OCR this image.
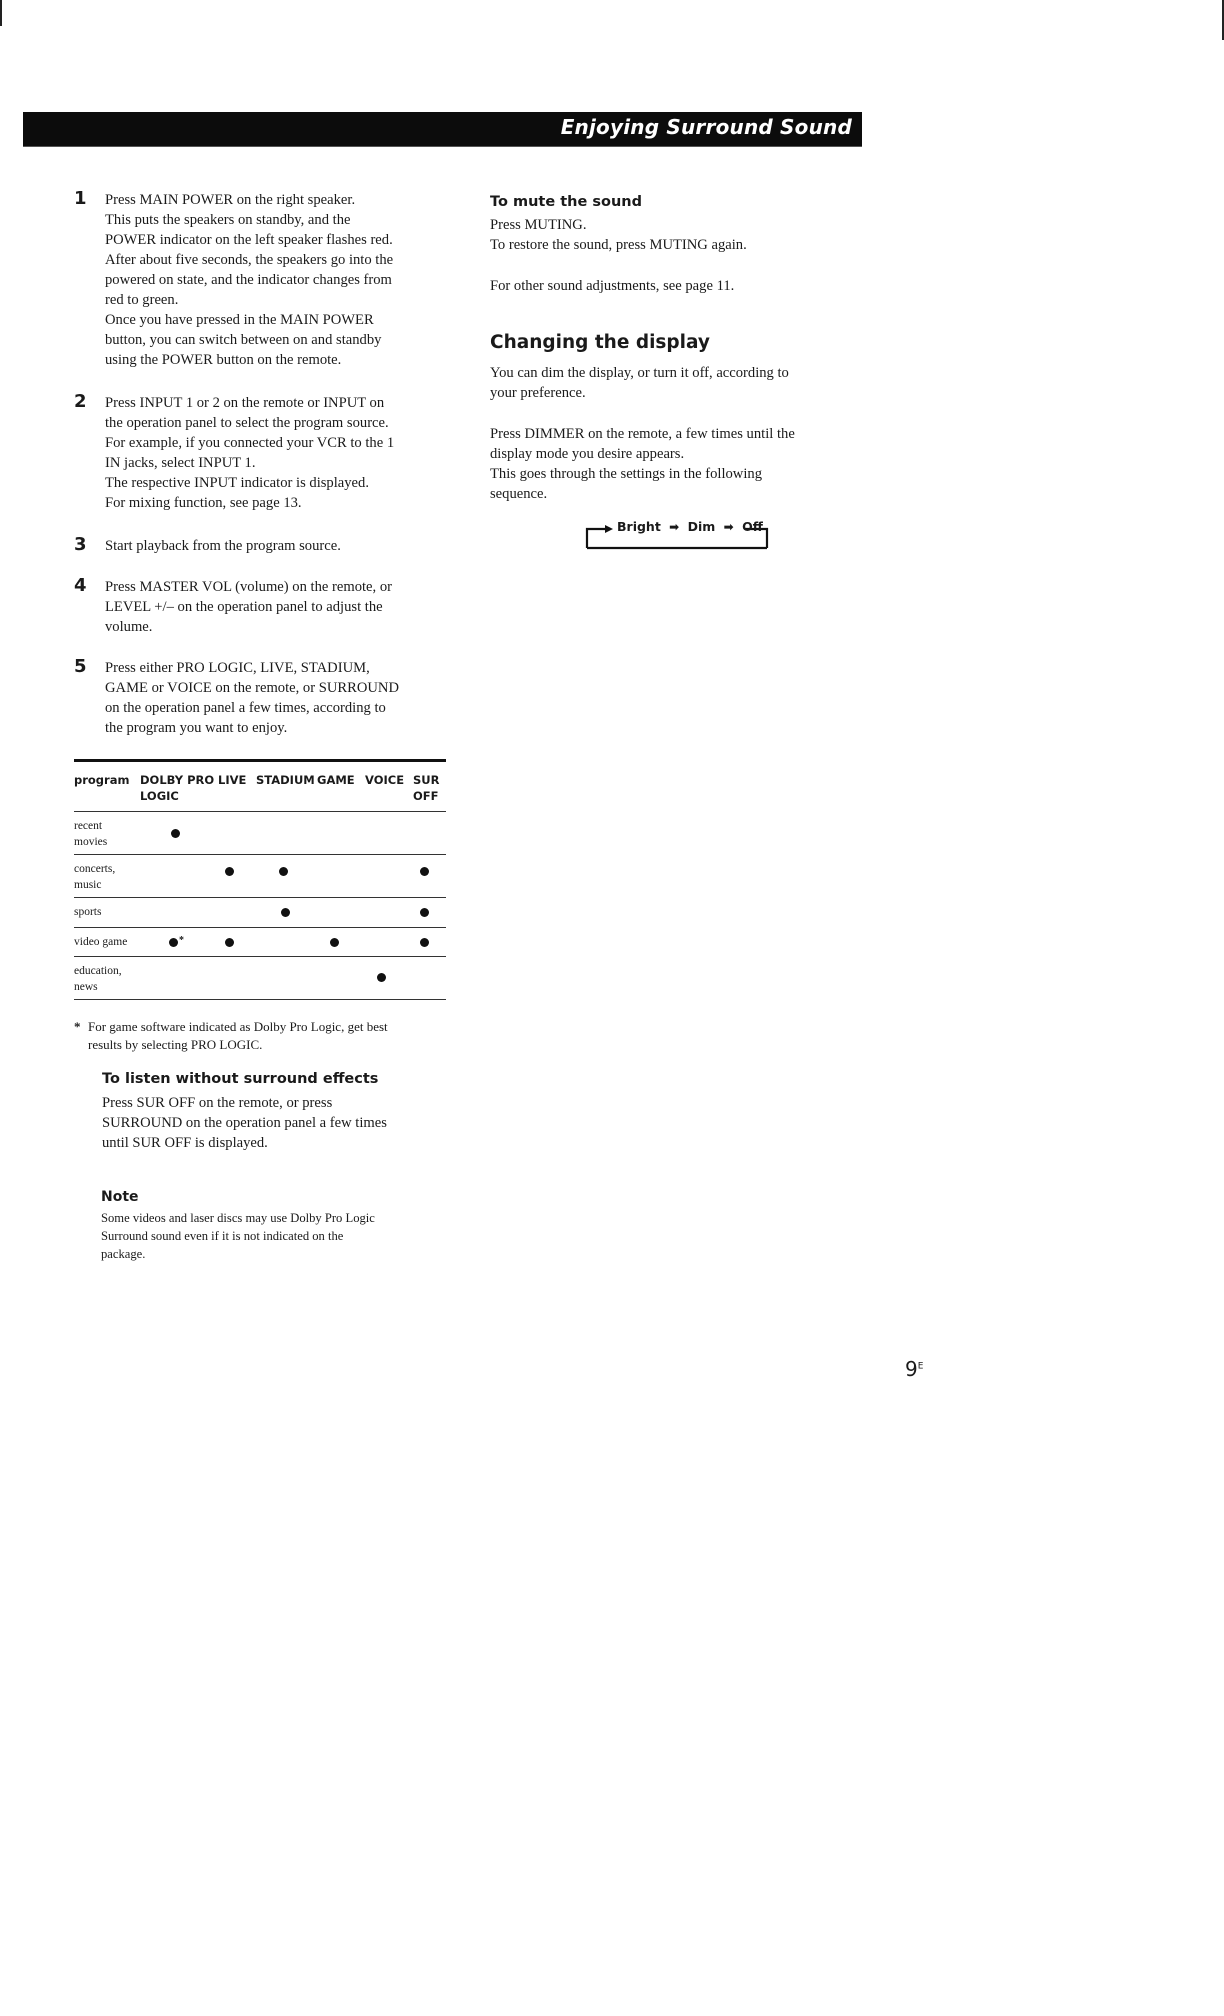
Enjoying Surround Sound
1 Press MAIN POWER on the right speaker.
This puts the speakers on standby, and the
POWER indicator on the left speaker flashes red.
After about five seconds, the speakers go into the
powered on state, and the indicator changes from
red to green.
Once you have pressed in the MAIN POWER
button, you can switch between on and standby
using the POWER button on the remote.
2 Press INPUT 1 or 2 on the remote or INPUT on
the operation panel to select the program source.
For example, if you connected your VCR to the 1
IN jacks, select INPUT 1.
The respective INPUT indicator is displayed.
For mixing function, see page 13.
3 Start playback from the program source.
4 Press MASTER VOL (volume) on the remote, or
LEVEL +/– on the operation panel to adjust the
volume.
5 Press either PRO LOGIC, LIVE, STADIUM,
GAME or VOICE on the remote, or SURROUND
on the operation panel a few times, according to
the program you want to enjoy.
program DOLBY PRO
LOGIC
LIVE STADIUM GAME VOICE SUR
OFF
recent
movies
concerts,
music
sports
video game	*
education,
news
* For game software indicated as Dolby Pro Logic, get best
results by selecting PRO LOGIC.
To listen without surround effects
Press SUR OFF on the remote, or press
SURROUND on the operation panel a few times
until SUR OFF is displayed.
Note
Some videos and laser discs may use Dolby Pro Logic
Surround sound even if it is not indicated on the
package.
To mute the sound
Press MUTING.
To restore the sound, press MUTING again.
For other sound adjustments, see page 11.
Changing the display
You can dim the display, or turn it off, according to
your preference.
Press DIMMER on the remote, a few times until the
display mode you desire appears.
This goes through the settings in the following
sequence.
Bright ➡ Dim ➡ Off
$9^E$
